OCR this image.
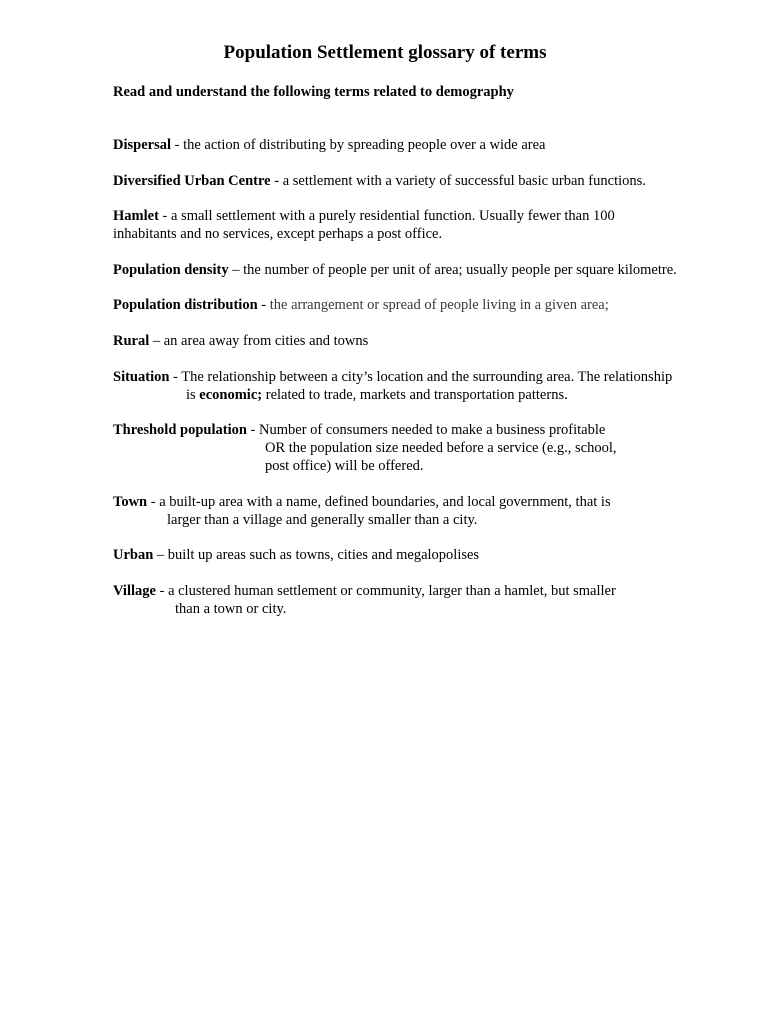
Population Settlement glossary of terms
Read and understand the following terms related to demography
Dispersal - the action of distributing by spreading people over a wide area
Diversified Urban Centre - a settlement with a variety of successful basic urban functions.
Hamlet - a small settlement with a purely residential function. Usually fewer than 100
inhabitants and no services, except perhaps a post office.
Population density – the number of people per unit of area; usually people per square kilometre.
Population distribution - the arrangement or spread of people living in a given area;
Rural – an area away from cities and towns
Situation - The relationship between a city’s location and the surrounding area. The relationship
is economic; related to trade, markets and transportation patterns.
Threshold population - Number of consumers needed to make a business profitable
OR the population size needed before a service (e.g., school,
post office) will be offered.
Town - a built-up area with a name, defined boundaries, and local government, that is
larger than a village and generally smaller than a city.
Urban – built up areas such as towns, cities and megalopolises
Village - a clustered human settlement or community, larger than a hamlet, but smaller
than a town or city.
